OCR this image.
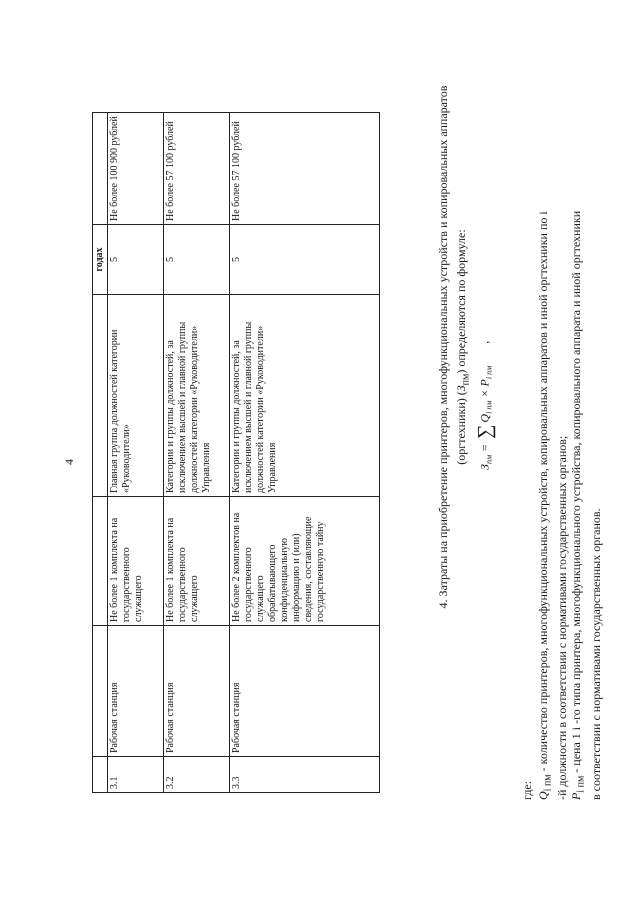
4
				годах	
3.1	Рабочая станция	Не более 1 комплекта на государственного служащего	Главная группа должностей категории «Руководители»	5	Не более 100 900 рублей
3.2	Рабочая станция	Не более 1 комплекта на государственного служащего	Категории и группы должностей, за исключением высшей и главной группы должностей категории «Руководители» Управления	5	Не более 57 100 рублей
3.3	Рабочая станция	Не более 2 комплектов на государственного служащего обрабатывающего конфиденциальную информацию и (или) сведения, составляющие государственную тайну	Категории и группы должностей, за исключением высшей и главной группы должностей категории «Руководители» Управления	5	Не более 57 100 рублей	4. Затраты на приобретение принтеров, многофункциональных устройств и копировальных аппаратов (оргтехники) $(З_{пм})$ определяются по формуле:
$З_{пм} = \sum Q_{i пм} \times P_{i пм}$,

где: $Q_{i пм}$ - количество принтеров, многофункциональных устройств, копировальных аппаратов и иной оргтехники по i -й должности в соответствии с нормативами государственных органов; $P_{i пм}$ - цена 1 i -го типа принтера, многофункционального устройства, копировального аппарата и иной оргтехники в соответствии с нормативами государственных органов.
